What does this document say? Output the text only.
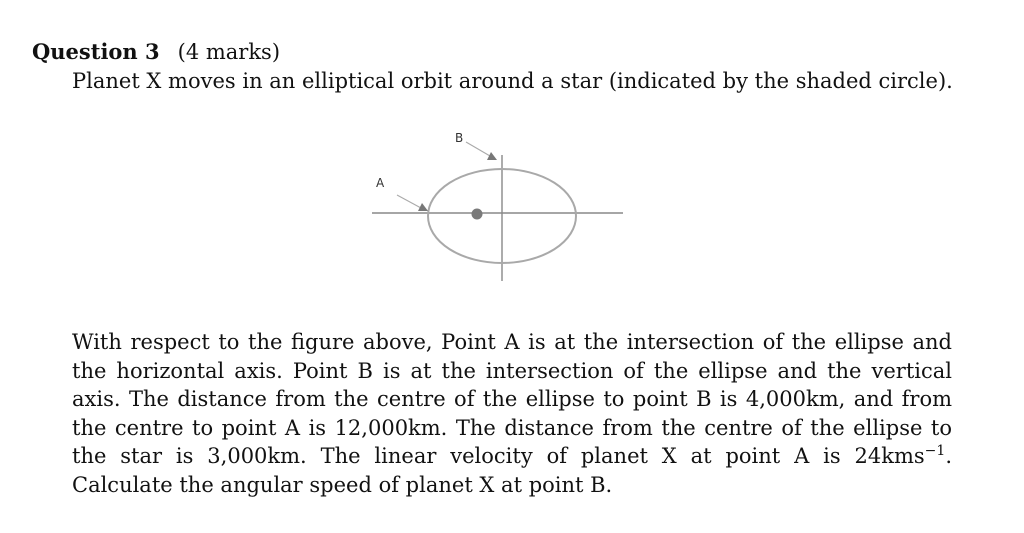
Question 3 (4 marks)
Planet X moves in an elliptical orbit around a star (indicated by the shaded circle).
A
B
With respect to the figure above, Point A is at the intersection of the ellipse and the horizontal axis. Point B is at the intersection of the ellipse and the vertical axis. The distance from the centre of the ellipse to point B is 4,000km, and from the centre to point A is 12,000km. The distance from the centre of the ellipse to the star is 3,000km. The linear velocity of planet X at point A is 24kms$^{-1}$. Calculate the angular speed of planet X at point B.
